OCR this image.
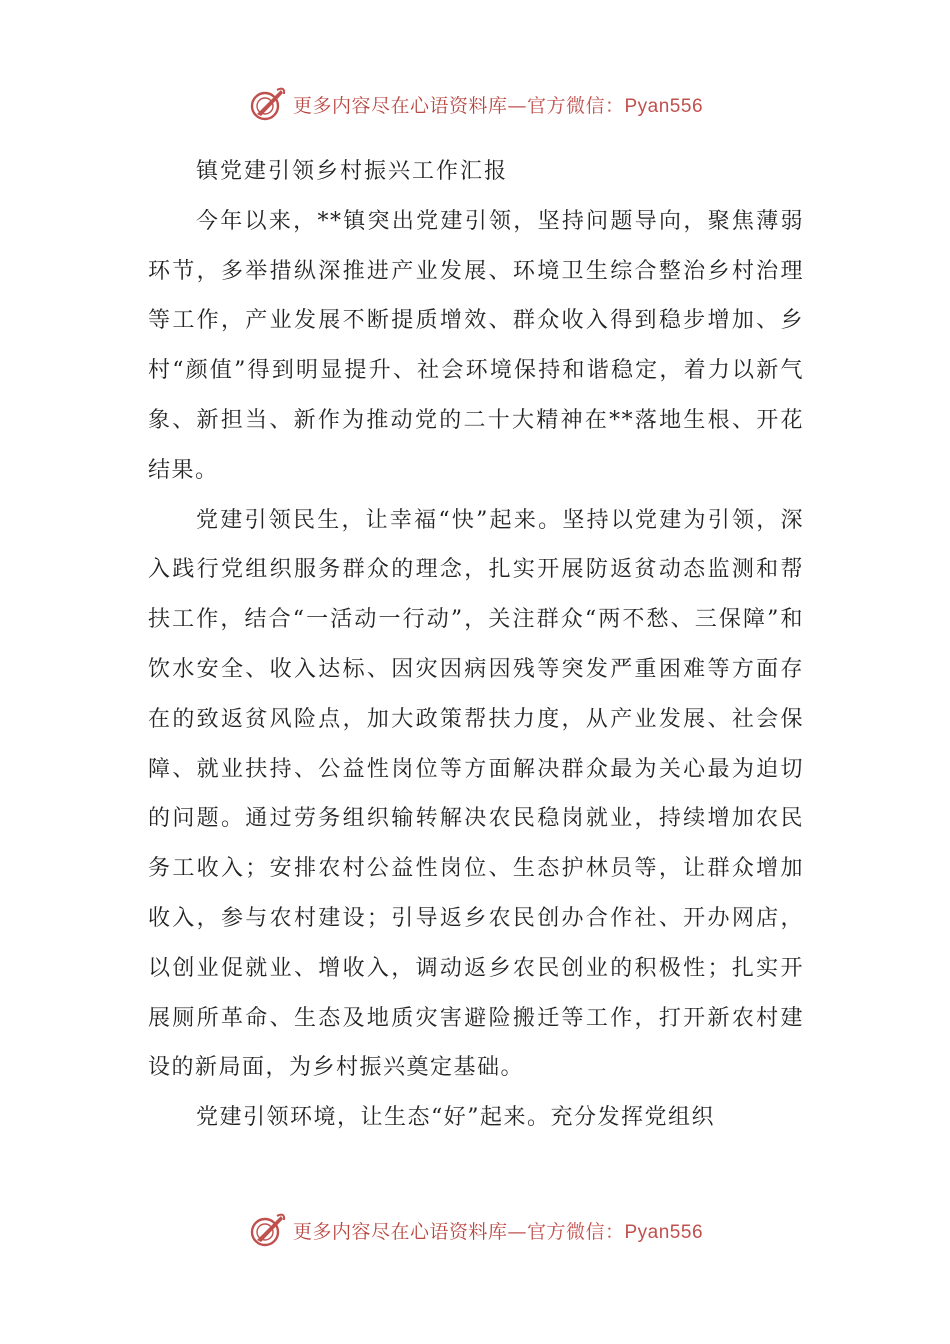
更多内容尽在心语资料库—官方微信：Pyan556
镇党建引领乡村振兴工作汇报

今年以来，**镇突出党建引领，坚持问题导向，聚焦薄弱环节，多举措纵深推进产业发展、环境卫生综合整治乡村治理等工作，产业发展不断提质增效、群众收入得到稳步增加、乡村“颜值”得到明显提升、社会环境保持和谐稳定，着力以新气象、新担当、新作为推动党的二十大精神在**落地生根、开花结果。

党建引领民生，让幸福“快”起来。坚持以党建为引领，深入践行党组织服务群众的理念，扎实开展防返贫动态监测和帮扶工作，结合“一活动一行动”，关注群众“两不愁、三保障”和饮水安全、收入达标、因灾因病因残等突发严重困难等方面存在的致返贫风险点，加大政策帮扶力度，从产业发展、社会保障、就业扶持、公益性岗位等方面解决群众最为关心最为迫切的问题。通过劳务组织输转解决农民稳岗就业，持续增加农民务工收入；安排农村公益性岗位、生态护林员等，让群众增加收入，参与农村建设；引导返乡农民创办合作社、开办网店，以创业促就业、增收入，调动返乡农民创业的积极性；扎实开展厕所革命、生态及地质灾害避险搬迁等工作，打开新农村建设的新局面，为乡村振兴奠定基础。

党建引领环境，让生态“好”起来。充分发挥党组织

更多内容尽在心语资料库—官方微信：Pyan556
